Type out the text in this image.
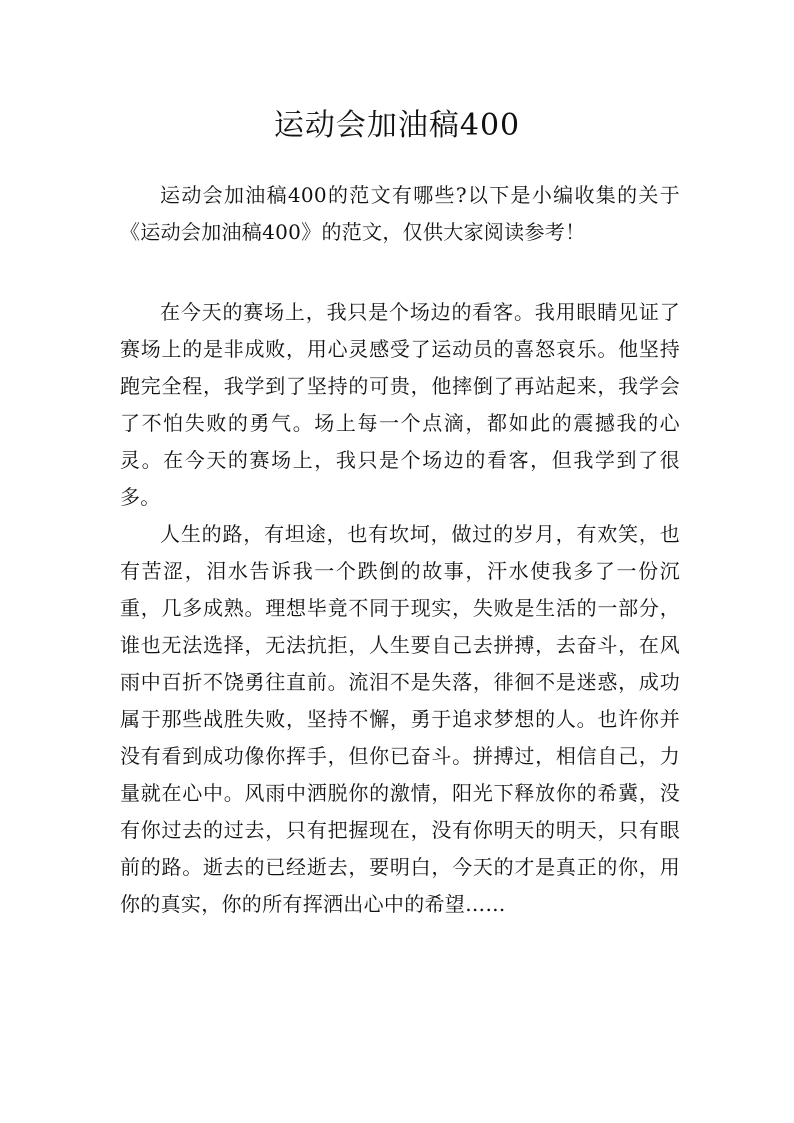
运动会加油稿400

运动会加油稿400的范文有哪些?以下是小编收集的关于《运动会加油稿400》的范文，仅供大家阅读参考！

在今天的赛场上，我只是个场边的看客。我用眼睛见证了赛场上的是非成败，用心灵感受了运动员的喜怒哀乐。他坚持跑完全程，我学到了坚持的可贵，他摔倒了再站起来，我学会了不怕失败的勇气。场上每一个点滴，都如此的震撼我的心灵。在今天的赛场上，我只是个场边的看客，但我学到了很多。

人生的路，有坦途，也有坎坷，做过的岁月，有欢笑，也有苦涩，泪水告诉我一个跌倒的故事，汗水使我多了一份沉重，几多成熟。理想毕竟不同于现实，失败是生活的一部分，谁也无法选择，无法抗拒，人生要自己去拼搏，去奋斗，在风雨中百折不饶勇往直前。流泪不是失落，徘徊不是迷惑，成功属于那些战胜失败，坚持不懈，勇于追求梦想的人。也许你并没有看到成功像你挥手，但你已奋斗。拼搏过，相信自己，力量就在心中。风雨中洒脱你的激情，阳光下释放你的希冀，没有你过去的过去，只有把握现在，没有你明天的明天，只有眼前的路。逝去的已经逝去，要明白，今天的才是真正的你，用你的真实，你的所有挥洒出心中的希望……
